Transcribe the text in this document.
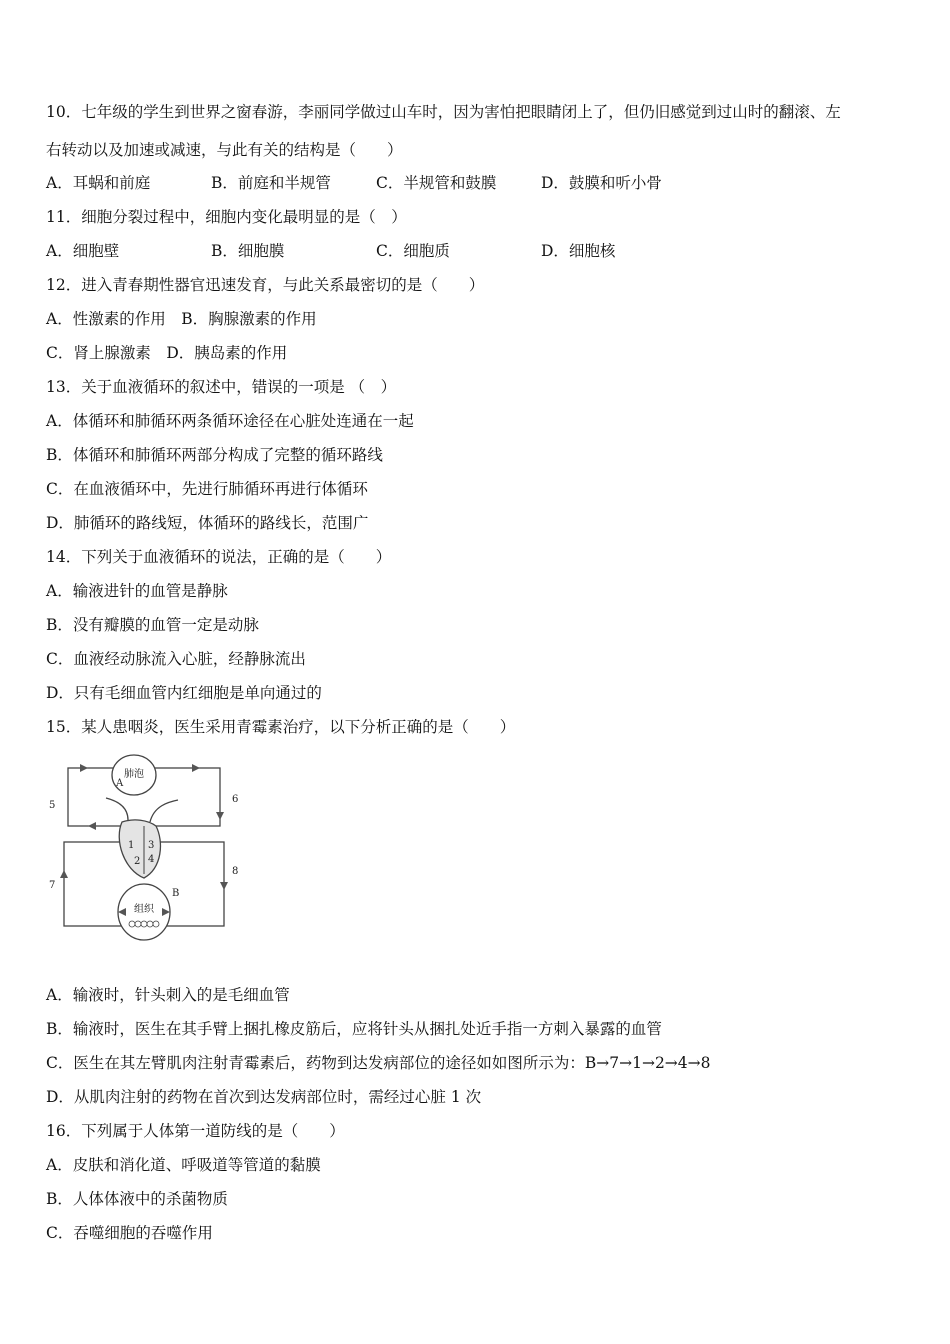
10．七年级的学生到世界之窗春游，李丽同学做过山车时，因为害怕把眼睛闭上了，但仍旧感觉到过山时的翻滚、左
右转动以及加速或减速，与此有关的结构是（　　）
A．耳蜗和前庭	B．前庭和半规管	C．半规管和鼓膜	D．鼓膜和听小骨
11．细胞分裂过程中，细胞内变化最明显的是（　）
A．细胞壁	B．细胞膜	C．细胞质	D．细胞核
12．进入青春期性器官迅速发育，与此关系最密切的是（　　）
A．性激素的作用　B．胸腺激素的作用
C．肾上腺激素　D．胰岛素的作用
13．关于血液循环的叙述中，错误的一项是 （　）
A．体循环和肺循环两条循环途径在心脏处连通在一起
B．体循环和肺循环两部分构成了完整的循环路线
C．在血液循环中，先进行肺循环再进行体循环
D．肺循环的路线短，体循环的路线长，范围广
14．下列关于血液循环的说法，正确的是（　　）
A．输液进针的血管是静脉
B．没有瓣膜的血管一定是动脉
C．血液经动脉流入心脏，经静脉流出
D．只有毛细血管内红细胞是单向通过的
15．某人患咽炎，医生采用青霉素治疗，以下分析正确的是（　　）
肺泡
组织
5
6
7
8
A
B
1
2
3
4
A．输液时，针头刺入的是毛细血管
B．输液时，医生在其手臂上捆扎橡皮筋后，应将针头从捆扎处近手指一方刺入暴露的血管
C．医生在其左臂肌肉注射青霉素后，药物到达发病部位的途径如如图所示为：B→7→1→2→4→8
D．从肌肉注射的药物在首次到达发病部位时，需经过心脏 1 次
16．下列属于人体第一道防线的是（　　）
A．皮肤和消化道、呼吸道等管道的黏膜
B．人体体液中的杀菌物质
C．吞噬细胞的吞噬作用
